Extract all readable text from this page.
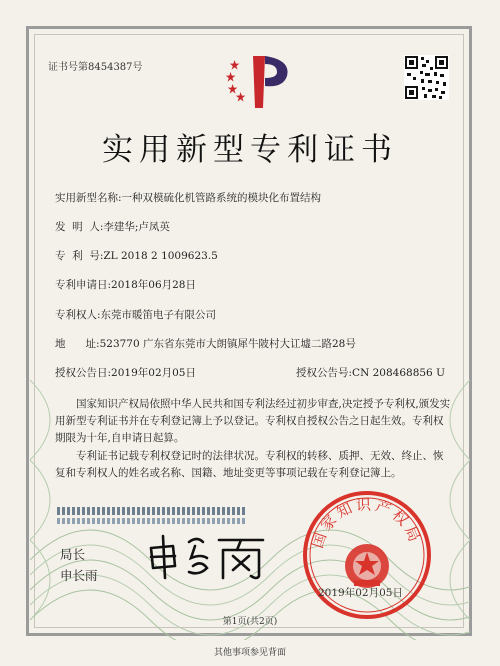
证书号第8454387号
实用新型专利证书
实用新型名称:一种双模硫化机管路系统的模块化布置结构
发  明  人:李建华;卢凤英
专  利  号:ZL 2018 2 1009623.5
专利申请日:2018年06月28日
专利权人:东莞市暖笛电子有限公司
地      址:523770 广东省东莞市大朗镇犀牛陂村大讧墟二路28号
授权公告日:2019年02月05日	授权公告号:CN 208468856 U
国家知识产权局依照中华人民共和国专利法经过初步审查,决定授予专利权,颁发实用新型专利证书并在专利登记簿上予以登记。专利权自授权公告之日起生效。专利权期限为十年,自申请日起算。
专利证书记载专利权登记时的法律状况。专利权的转移、质押、无效、终止、恢复和专利权人的姓名或名称、国籍、地址变更等事项记载在专利登记簿上。
局长
申长雨
国家知识产权局
2019年02月05日
第1页(共2页)
其他事项参见背面
